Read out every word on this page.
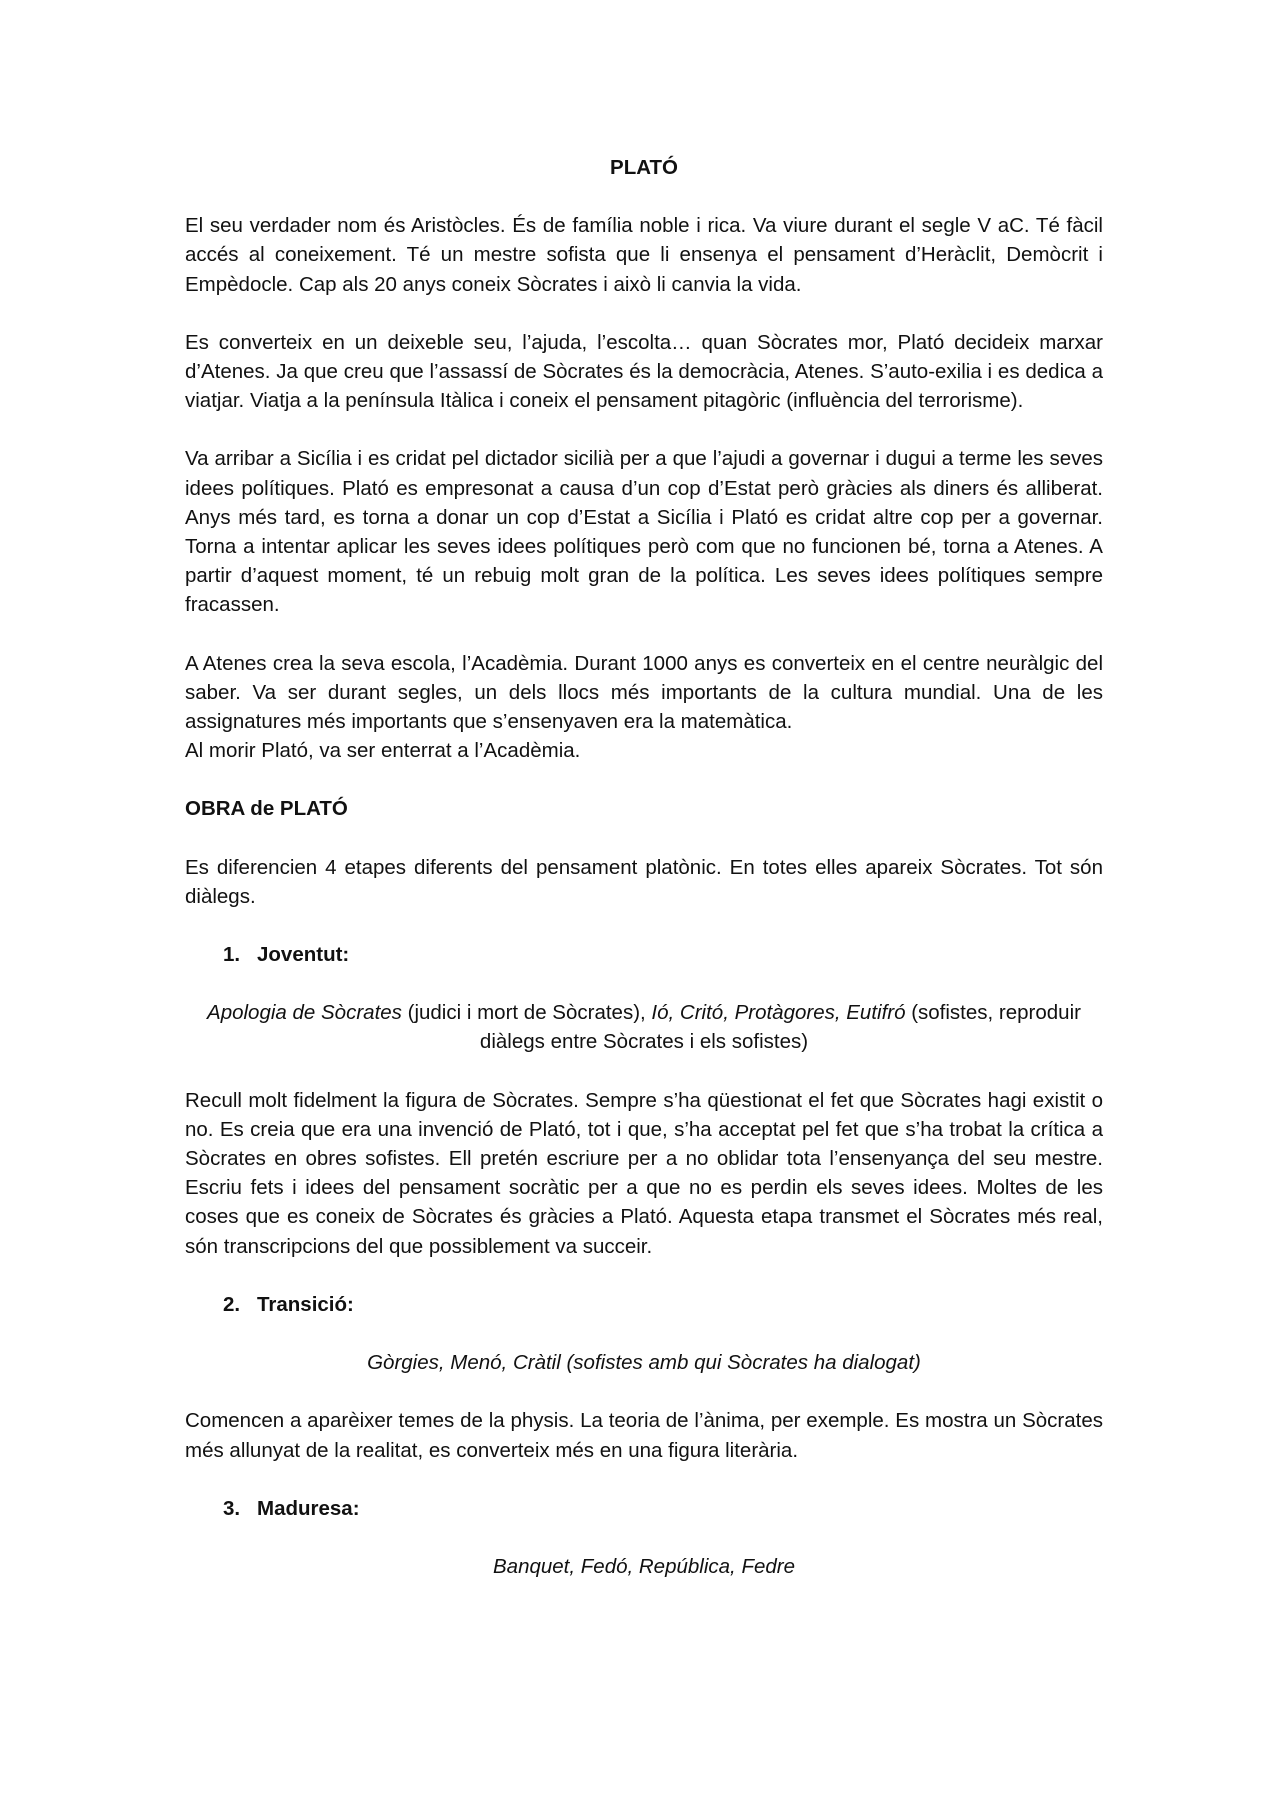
PLATÓ

El seu verdader nom és Aristòcles. És de família noble i rica. Va viure durant el segle V aC. Té fàcil accés al coneixement. Té un mestre sofista que li ensenya el pensament d’Heràclit, Demòcrit i Empèdocle. Cap als 20 anys coneix Sòcrates i això li canvia la vida.

Es converteix en un deixeble seu, l’ajuda, l’escolta… quan Sòcrates mor, Plató decideix marxar d’Atenes. Ja que creu que l’assassí de Sòcrates és la democràcia, Atenes. S’auto-exilia i es dedica a viatjar. Viatja a la península Itàlica i coneix el pensament pitagòric (influència del terrorisme).

Va arribar a Sicília i es cridat pel dictador sicilià per a que l’ajudi a governar i dugui a terme les seves idees polítiques. Plató es empresonat a causa d’un cop d’Estat però gràcies als diners és alliberat. Anys més tard, es torna a donar un cop d’Estat a Sicília i Plató es cridat altre cop per a governar. Torna a intentar aplicar les seves idees polítiques però com que no funcionen bé, torna a Atenes. A partir d’aquest moment, té un rebuig molt gran de la política. Les seves idees polítiques sempre fracassen.

A Atenes crea la seva escola, l’Acadèmia. Durant 1000 anys es converteix en el centre neuràlgic del saber. Va ser durant segles, un dels llocs més importants de la cultura mundial. Una de les assignatures més importants que s’ensenyaven era la matemàtica.

Al morir Plató, va ser enterrat a l’Acadèmia.

OBRA de PLATÓ

Es diferencien 4 etapes diferents del pensament platònic. En totes elles apareix Sòcrates. Tot són diàlegs.

1. Joventut:
Apologia de Sòcrates (judici i mort de Sòcrates), Ió, Critó, Protàgores, Eutifró (sofistes, reproduir diàlegs entre Sòcrates i els sofistes)

Recull molt fidelment la figura de Sòcrates. Sempre s’ha qüestionat el fet que Sòcrates hagi existit o no. Es creia que era una invenció de Plató, tot i que, s’ha acceptat pel fet que s’ha trobat la crítica a Sòcrates en obres sofistes. Ell pretén escriure per a no oblidar tota l’ensenyança del seu mestre. Escriu fets i idees del pensament socràtic per a que no es perdin els seves idees. Moltes de les coses que es coneix de Sòcrates és gràcies a Plató. Aquesta etapa transmet el Sòcrates més real, són transcripcions del que possiblement va succeir.

2. Transició:
Gòrgies, Menó, Cràtil (sofistes amb qui Sòcrates ha dialogat)

Comencen a aparèixer temes de la physis. La teoria de l’ànima, per exemple. Es mostra un Sòcrates més allunyat de la realitat, es converteix més en una figura literària.

3. Maduresa:
Banquet, Fedó, República, Fedre
